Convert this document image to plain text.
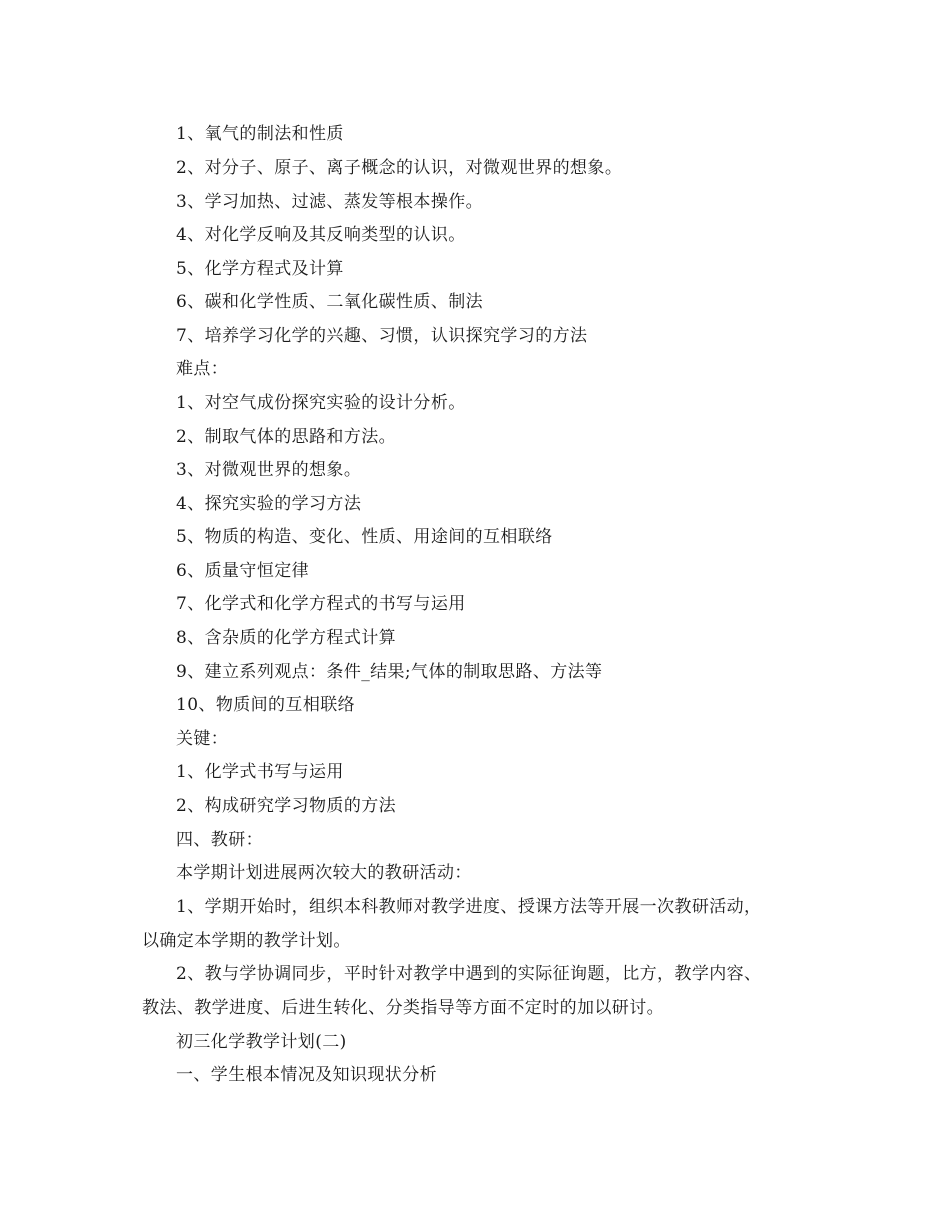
1、氧气的制法和性质
2、对分子、原子、离子概念的认识，对微观世界的想象。
3、学习加热、过滤、蒸发等根本操作。
4、对化学反响及其反响类型的认识。
5、化学方程式及计算
6、碳和化学性质、二氧化碳性质、制法
7、培养学习化学的兴趣、习惯，认识探究学习的方法
难点：
1、对空气成份探究实验的设计分析。
2、制取气体的思路和方法。
3、对微观世界的想象。
4、探究实验的学习方法
5、物质的构造、变化、性质、用途间的互相联络
6、质量守恒定律
7、化学式和化学方程式的书写与运用
8、含杂质的化学方程式计算
9、建立系列观点：条件_结果;气体的制取思路、方法等
10、物质间的互相联络
关键：
1、化学式书写与运用
2、构成研究学习物质的方法
四、教研：
本学期计划进展两次较大的教研活动：
1、学期开始时，组织本科教师对教学进度、授课方法等开展一次教研活动，
以确定本学期的教学计划。
2、教与学协调同步，平时针对教学中遇到的实际征询题，比方，教学内容、
教法、教学进度、后进生转化、分类指导等方面不定时的加以研讨。
初三化学教学计划(二)
一、学生根本情况及知识现状分析
